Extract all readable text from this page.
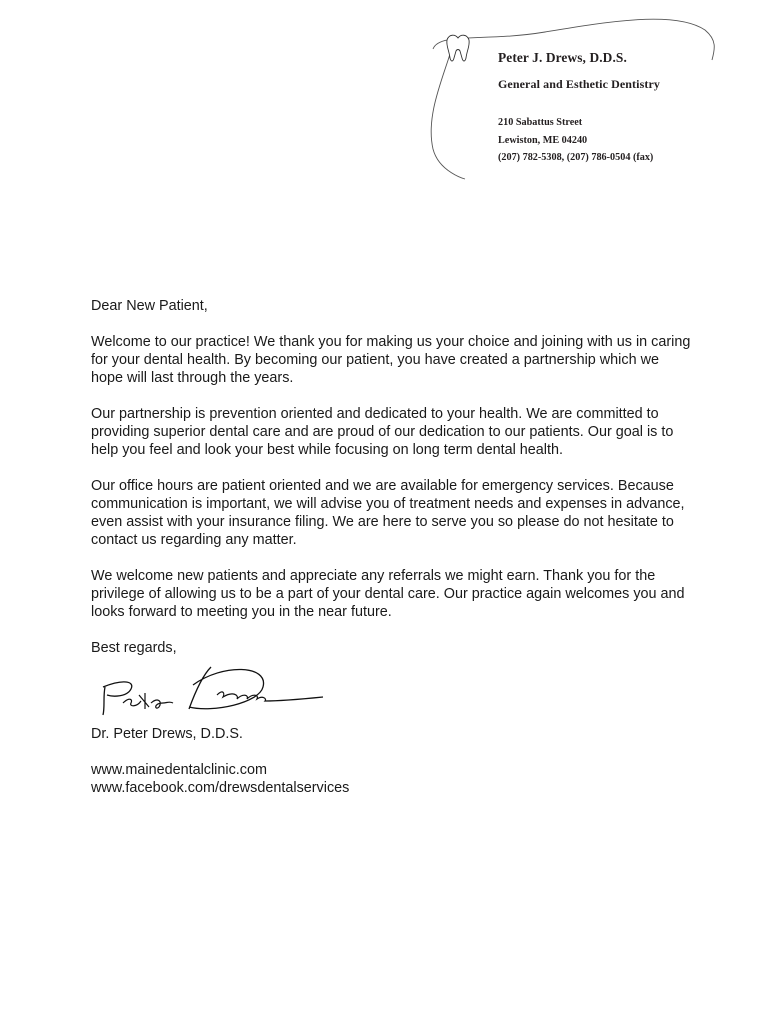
Peter J. Drews, D.D.S.
General and Esthetic Dentistry
210 Sabattus Street
Lewiston, ME 04240
(207) 782-5308, (207) 786-0504 (fax)
Dear New Patient,

Welcome to our practice! We thank you for making us your choice and joining with us in caring for your dental health. By becoming our patient, you have created a partnership which we hope will last through the years.

Our partnership is prevention oriented and dedicated to your health. We are committed to providing superior dental care and are proud of our dedication to our patients. Our goal is to help you feel and look your best while focusing on long term dental health.

Our office hours are patient oriented and we are available for emergency services. Because communication is important, we will advise you of treatment needs and expenses in advance, even assist with your insurance filing. We are here to serve you so please do not hesitate to contact us regarding any matter.

We welcome new patients and appreciate any referrals we might earn. Thank you for the privilege of allowing us to be a part of your dental care. Our practice again welcomes you and looks forward to meeting you in the near future.

Best regards,
Dr. Peter Drews, D.D.S.
www.mainedentalclinic.com
www.facebook.com/drewsdentalservices
